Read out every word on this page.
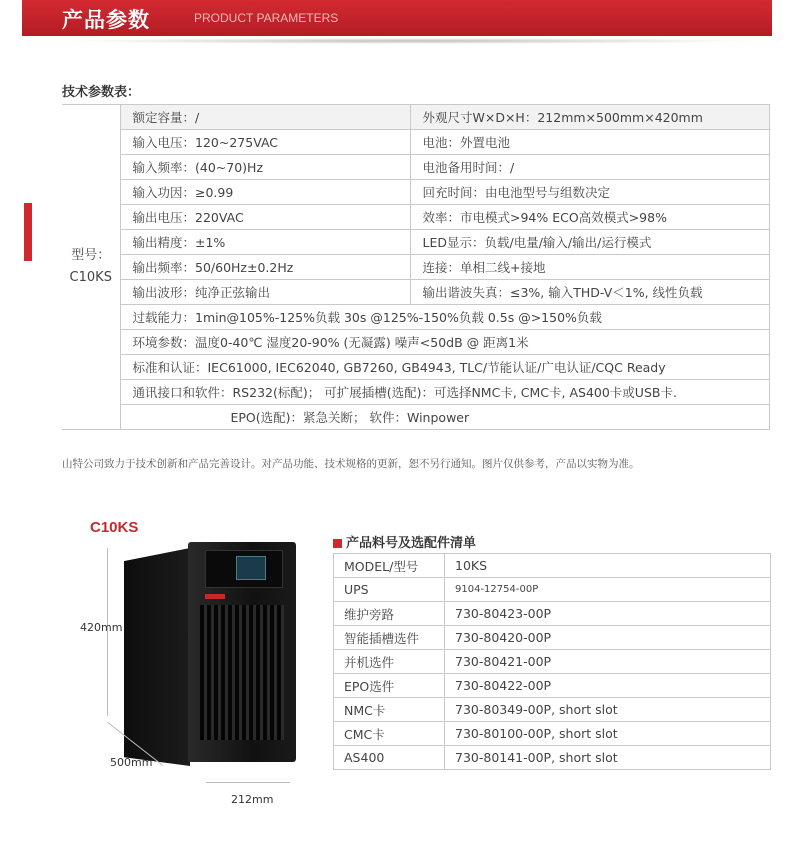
产品参数	PRODUCT PARAMETERS
技术参数表：
型号：
C10KS	额定容量：/	外观尺寸W×D×H：212mm×500mm×420mm
	输入电压：120~275VAC	电池：外置电池
	输入频率：(40~70)Hz	电池备用时间：/
	输入功因：≥0.99	回充时间：由电池型号与组数决定
	输出电压：220VAC	效率：市电模式>94% ECO高效模式>98%
	输出精度：±1%	LED显示：负载/电量/输入/输出/运行模式
	输出频率：50/60Hz±0.2Hz	连接：单相二线+接地
	输出波形：纯净正弦输出	输出谐波失真：≤3%, 输入THD-V＜1%, 线性负载
	过载能力：1min@105%-125%负载 30s @125%-150%负载 0.5s @>150%负载	
	环境参数：温度0-40℃ 湿度20-90% (无凝露) 噪声<50dB @ 距离1米	
	标准和认证：IEC61000, IEC62040, GB7260, GB4943, TLC/节能认证/广电认证/CQC Ready	
	通讯接口和软件：RS232(标配)； 可扩展插槽(选配)：可选择NMC卡, CMC卡, AS400卡或USB卡.	
	EPO(选配)：紧急关断； 软件：Winpower	
山特公司致力于技术创新和产品完善设计。对产品功能、技术规格的更新，恕不另行通知。图片仅供参考，产品以实物为准。
C10KS
420mm
500mm
212mm
产品料号及选配件清单
MODEL/型号	10KS
UPS	9104-12754-00P
维护旁路	730-80423-00P
智能插槽选件	730-80420-00P
并机选件	730-80421-00P
EPO选件	730-80422-00P
NMC卡	730-80349-00P, short slot
CMC卡	730-80100-00P, short slot
AS400	730-80141-00P, short slot
